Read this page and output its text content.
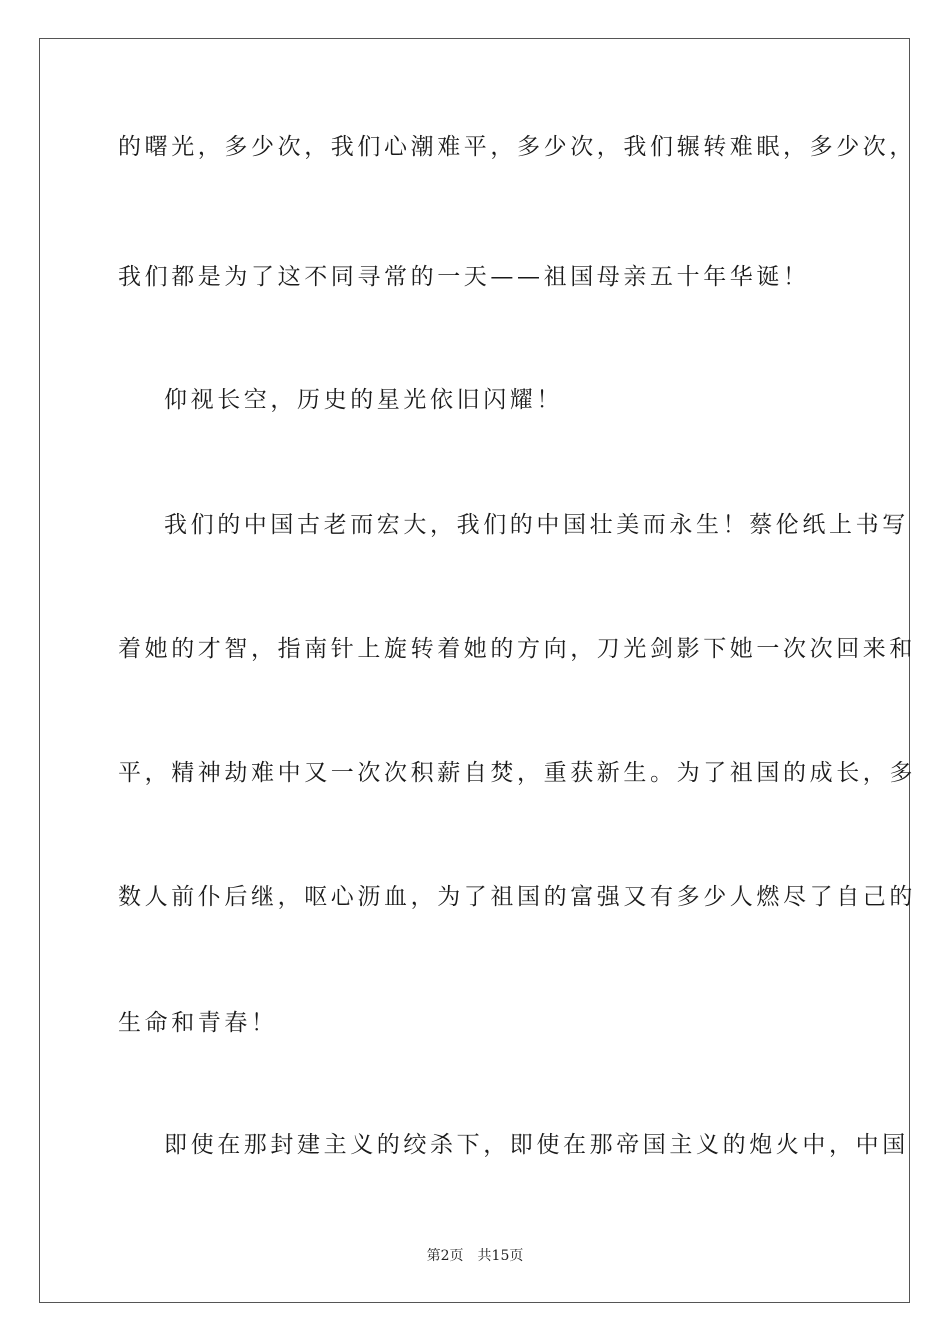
的曙光，多少次，我们心潮难平，多少次，我们辗转难眠，多少次，
我们都是为了这不同寻常的一天——祖国母亲五十年华诞！
仰视长空，历史的星光依旧闪耀！
我们的中国古老而宏大，我们的中国壮美而永生！蔡伦纸上书写
着她的才智，指南针上旋转着她的方向，刀光剑影下她一次次回来和
平，精神劫难中又一次次积薪自焚，重获新生。为了祖国的成长，多
数人前仆后继，呕心沥血，为了祖国的富强又有多少人燃尽了自己的
生命和青春！
即使在那封建主义的绞杀下，即使在那帝国主义的炮火中，中国
第2页 共15页
